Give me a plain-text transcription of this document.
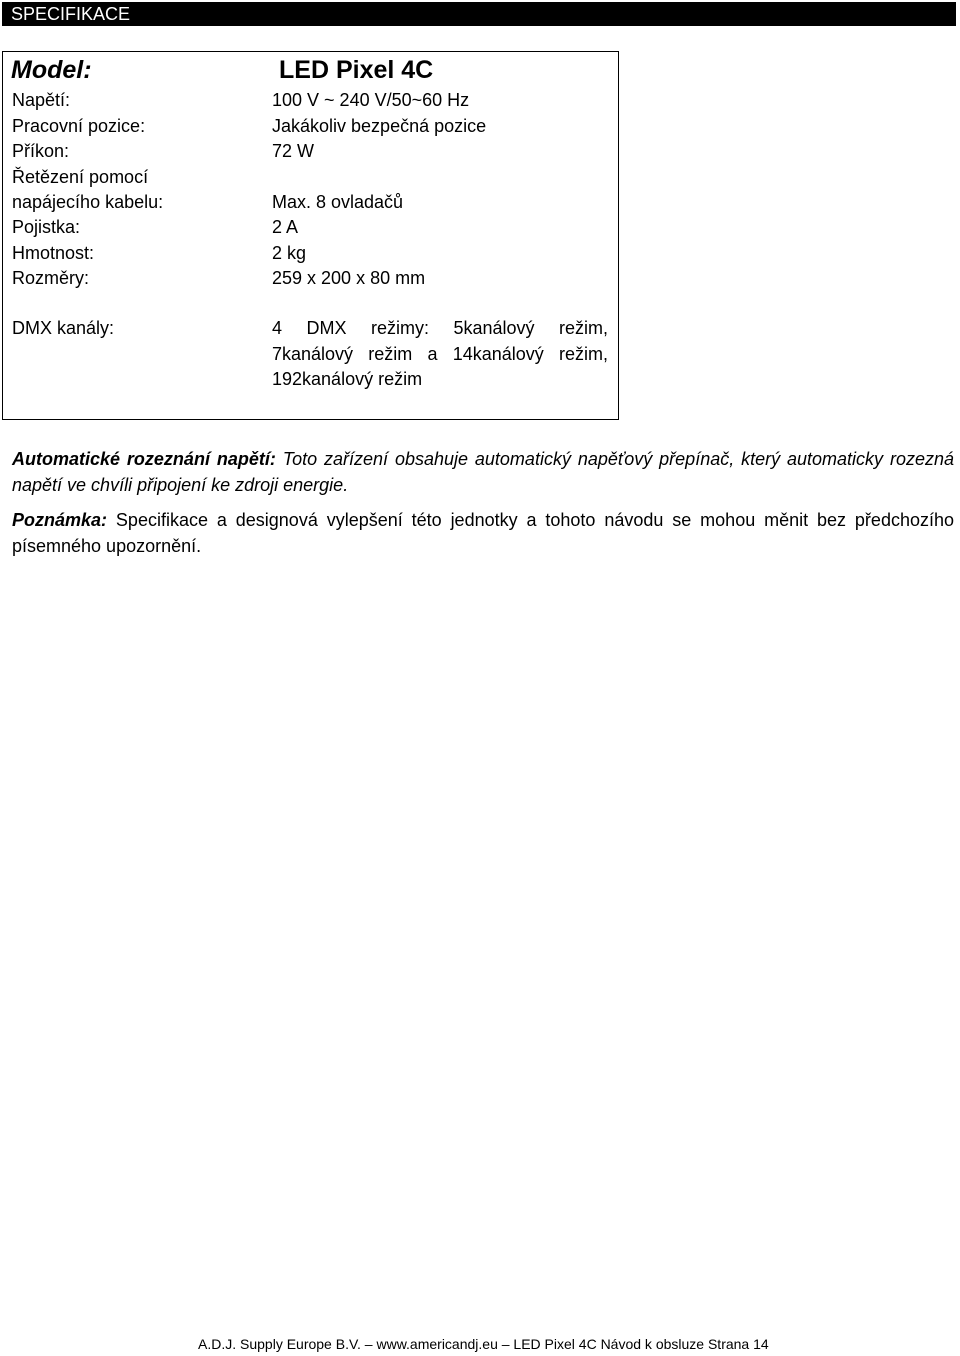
SPECIFIKACE
Model:	LED Pixel 4C
Napětí:	100 V ~ 240 V/50~60 Hz
Pracovní pozice:	Jakákoliv bezpečná pozice
Příkon:	72 W
Řetězení pomocí
napájecího kabelu:	Max. 8 ovladačů
Pojistka:	2 A
Hmotnost:	2 kg
Rozměry:	259 x 200 x 80 mm
DMX kanály:	4 DMX režimy: 5kanálový režim, 7kanálový režim a 14kanálový režim, 192kanálový režim
Automatické rozeznání napětí: Toto zařízení obsahuje automatický napěťový přepínač, který automaticky rozezná napětí ve chvíli připojení ke zdroji energie.
Poznámka: Specifikace a designová vylepšení této jednotky a tohoto návodu se mohou měnit bez předchozího písemného upozornění.
A.D.J. Supply Europe B.V. – www.americandj.eu – LED Pixel 4C Návod k obsluze Strana 14
